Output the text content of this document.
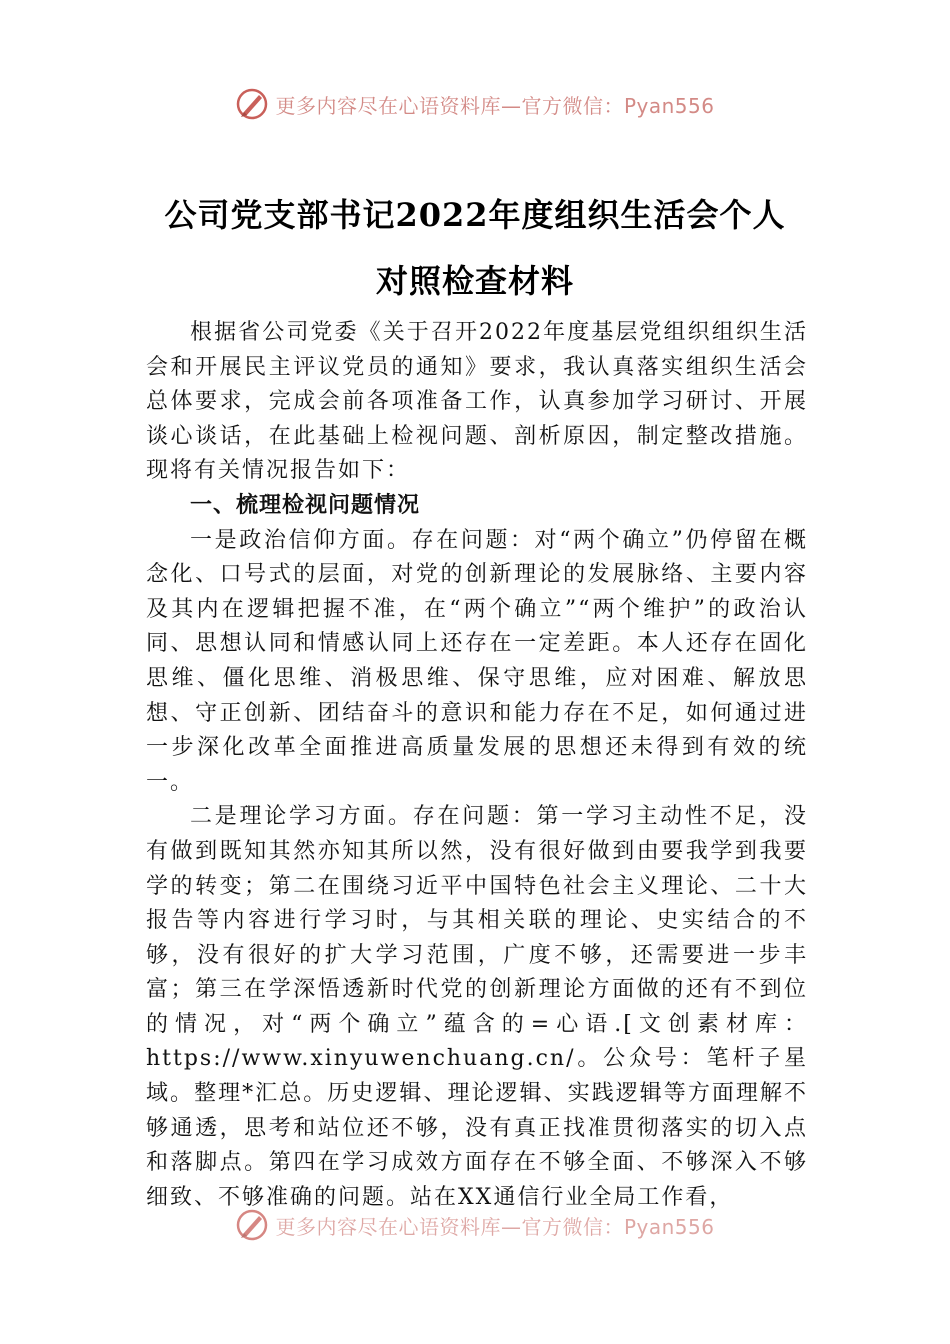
更多内容尽在心语资料库—官方微信：Pyan556
公司党支部书记2022年度组织生活会个人
对照检查材料

根据省公司党委《关于召开2022年度基层党组织组织生活会和开展民主评议党员的通知》要求，我认真落实组织生活会总体要求，完成会前各项准备工作，认真参加学习研讨、开展谈心谈话，在此基础上检视问题、剖析原因，制定整改措施。现将有关情况报告如下：

一、梳理检视问题情况

一是政治信仰方面。存在问题：对“两个确立”仍停留在概念化、口号式的层面，对党的创新理论的发展脉络、主要内容及其内在逻辑把握不准，在“两个确立”“两个维护”的政治认同、思想认同和情感认同上还存在一定差距。本人还存在固化思维、僵化思维、消极思维、保守思维，应对困难、解放思想、守正创新、团结奋斗的意识和能力存在不足，如何通过进一步深化改革全面推进高质量发展的思想还未得到有效的统一。

二是理论学习方面。存在问题：第一学习主动性不足，没有做到既知其然亦知其所以然，没有很好做到由要我学到我要学的转变；第二在围绕习近平中国特色社会主义理论、二十大报告等内容进行学习时，与其相关联的理论、史实结合的不够，没有很好的扩大学习范围，广度不够，还需要进一步丰富；第三在学深悟透新时代党的创新理论方面做的还有不到位的情况，对“两个确立”蕴含的=心语.[文创素材库：https://www.xinyuwenchuang.cn/。公众号：笔杆子星域。整理*汇总。历史逻辑、理论逻辑、实践逻辑等方面理解不够通透，思考和站位还不够，没有真正找准贯彻落实的切入点和落脚点。第四在学习成效方面存在不够全面、不够深入不够细致、不够准确的问题。站在XX通信行业全局工作看，

更多内容尽在心语资料库—官方微信：Pyan556
